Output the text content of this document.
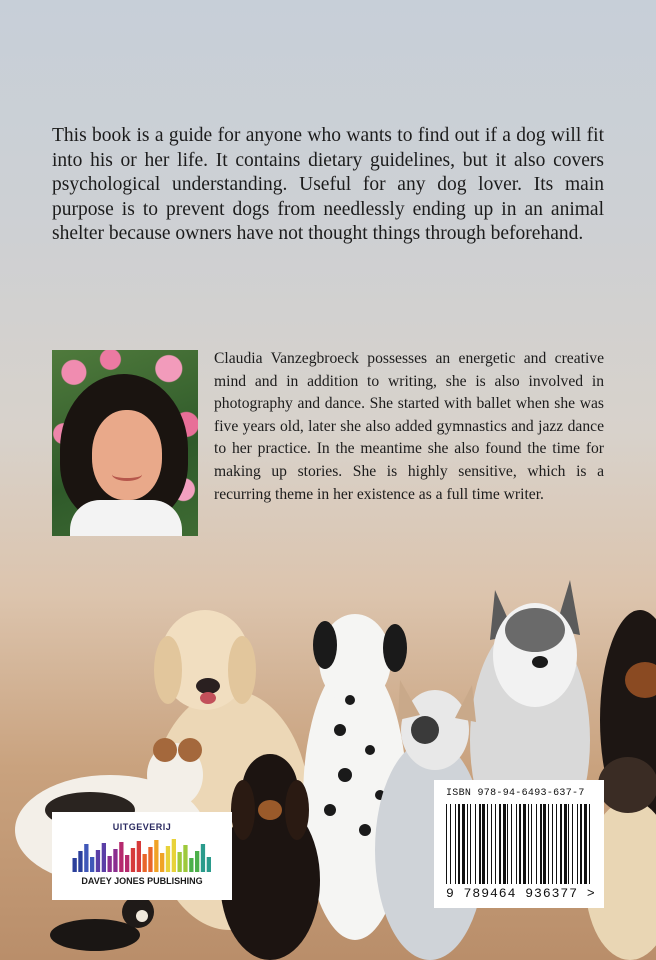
This book is a guide for anyone who wants to find out if a dog will fit into his or her life. It contains dietary guidelines, but it also covers psychological understanding. Useful for any dog lover. Its main purpose is to prevent dogs from needlessly ending up in an animal shelter because owners have not thought things through beforehand.

Claudia Vanzegbroeck possesses an energetic and creative mind and in addition to writing, she is also involved in photography and dance. She started with ballet when she was five years old, later she also added gymnastics and jazz dance to her practice. In the meantime she also found the time for making up stories. She is highly sensitive, which is a recurring theme in her existence as a full time writer.

UITGEVERIJ
DAVEY JONES PUBLISHING
ISBN 978-94-6493-637-7
9 789464 936377 >
